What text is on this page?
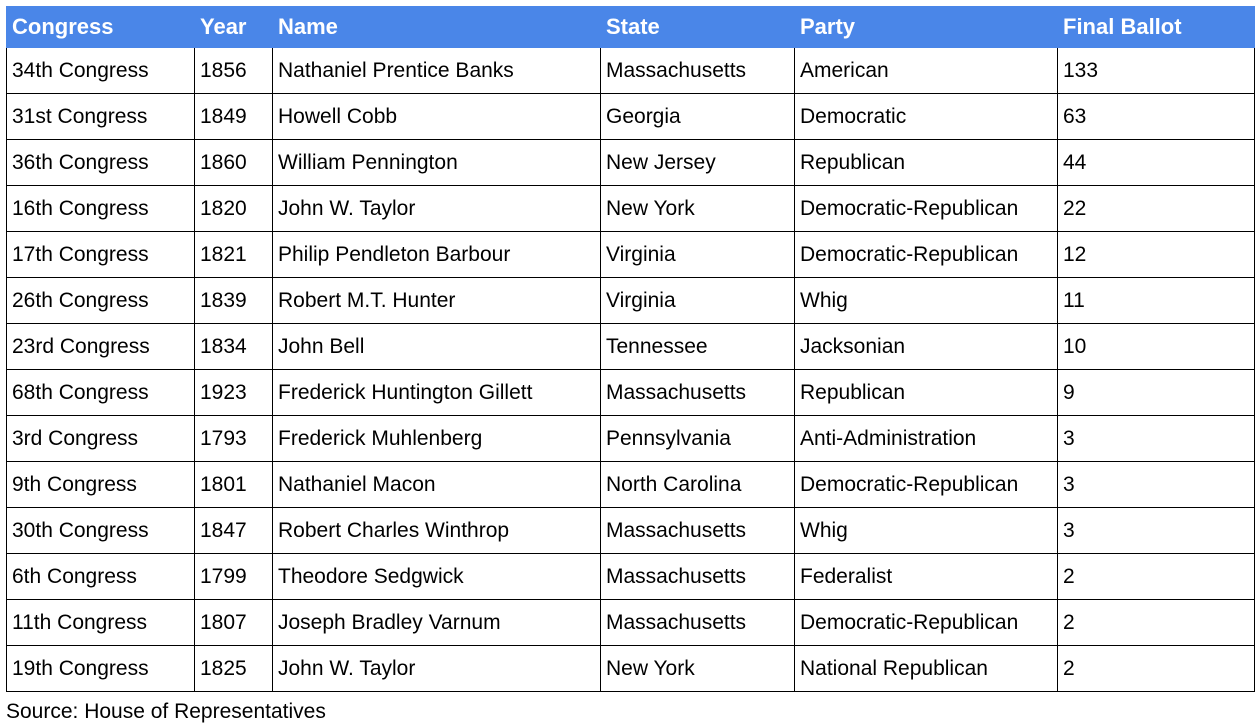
Congress	Year	Name	State	Party	Final Ballot
34th Congress	1856	Nathaniel Prentice Banks	Massachusetts	American	133
31st Congress	1849	Howell Cobb	Georgia	Democratic	63
36th Congress	1860	William Pennington	New Jersey	Republican	44
16th Congress	1820	John W. Taylor	New York	Democratic-Republican	22
17th Congress	1821	Philip Pendleton Barbour	Virginia	Democratic-Republican	12
26th Congress	1839	Robert M.T. Hunter	Virginia	Whig	11
23rd Congress	1834	John Bell	Tennessee	Jacksonian	10
68th Congress	1923	Frederick Huntington Gillett	Massachusetts	Republican	9
3rd Congress	1793	Frederick Muhlenberg	Pennsylvania	Anti-Administration	3
9th Congress	1801	Nathaniel Macon	North Carolina	Democratic-Republican	3
30th Congress	1847	Robert Charles Winthrop	Massachusetts	Whig	3
6th Congress	1799	Theodore Sedgwick	Massachusetts	Federalist	2
11th Congress	1807	Joseph Bradley Varnum	Massachusetts	Democratic-Republican	2
19th Congress	1825	John W. Taylor	New York	National Republican	2
Source: House of Representatives
